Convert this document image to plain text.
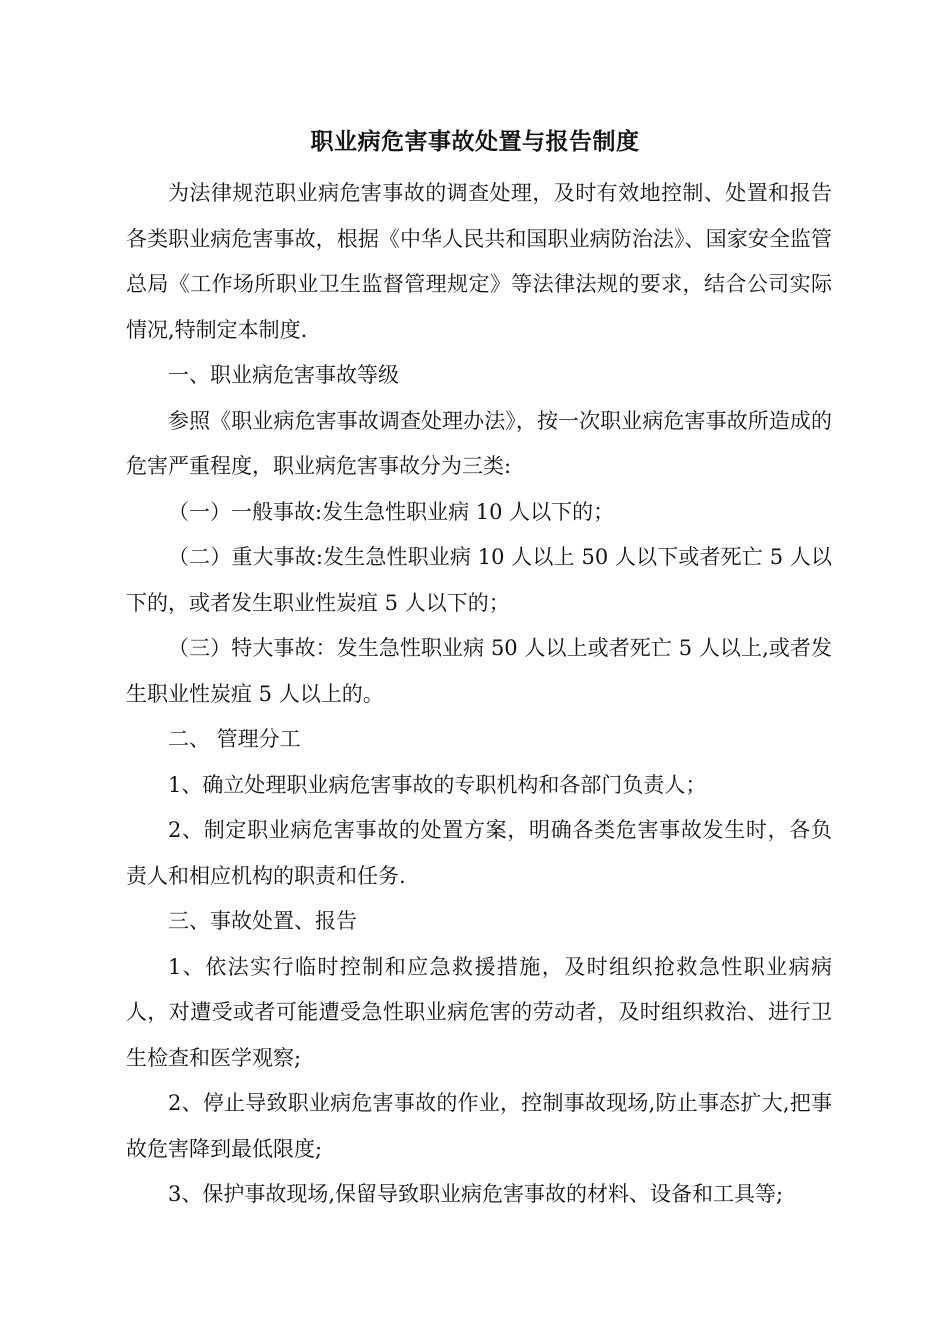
职业病危害事故处置与报告制度

为法律规范职业病危害事故的调查处理，及时有效地控制、处置和报告各类职业病危害事故，根据《中华人民共和国职业病防治法》、国家安全监管总局《工作场所职业卫生监督管理规定》等法律法规的要求，结合公司实际情况,特制定本制度.

一、职业病危害事故等级

参照《职业病危害事故调查处理办法》，按一次职业病危害事故所造成的危害严重程度，职业病危害事故分为三类:

（一）一般事故:发生急性职业病 10 人以下的；

（二）重大事故:发生急性职业病 10 人以上 50 人以下或者死亡 5 人以下的，或者发生职业性炭疽 5 人以下的；

（三）特大事故：发生急性职业病 50 人以上或者死亡 5 人以上,或者发生职业性炭疽 5 人以上的。

二、 管理分工

1、确立处理职业病危害事故的专职机构和各部门负责人；

2、制定职业病危害事故的处置方案，明确各类危害事故发生时，各负责人和相应机构的职责和任务.

三、事故处置、报告

1、依法实行临时控制和应急救援措施，及时组织抢救急性职业病病人，对遭受或者可能遭受急性职业病危害的劳动者，及时组织救治、进行卫生检查和医学观察;

2、停止导致职业病危害事故的作业，控制事故现场,防止事态扩大,把事故危害降到最低限度;

3、保护事故现场,保留导致职业病危害事故的材料、设备和工具等;
